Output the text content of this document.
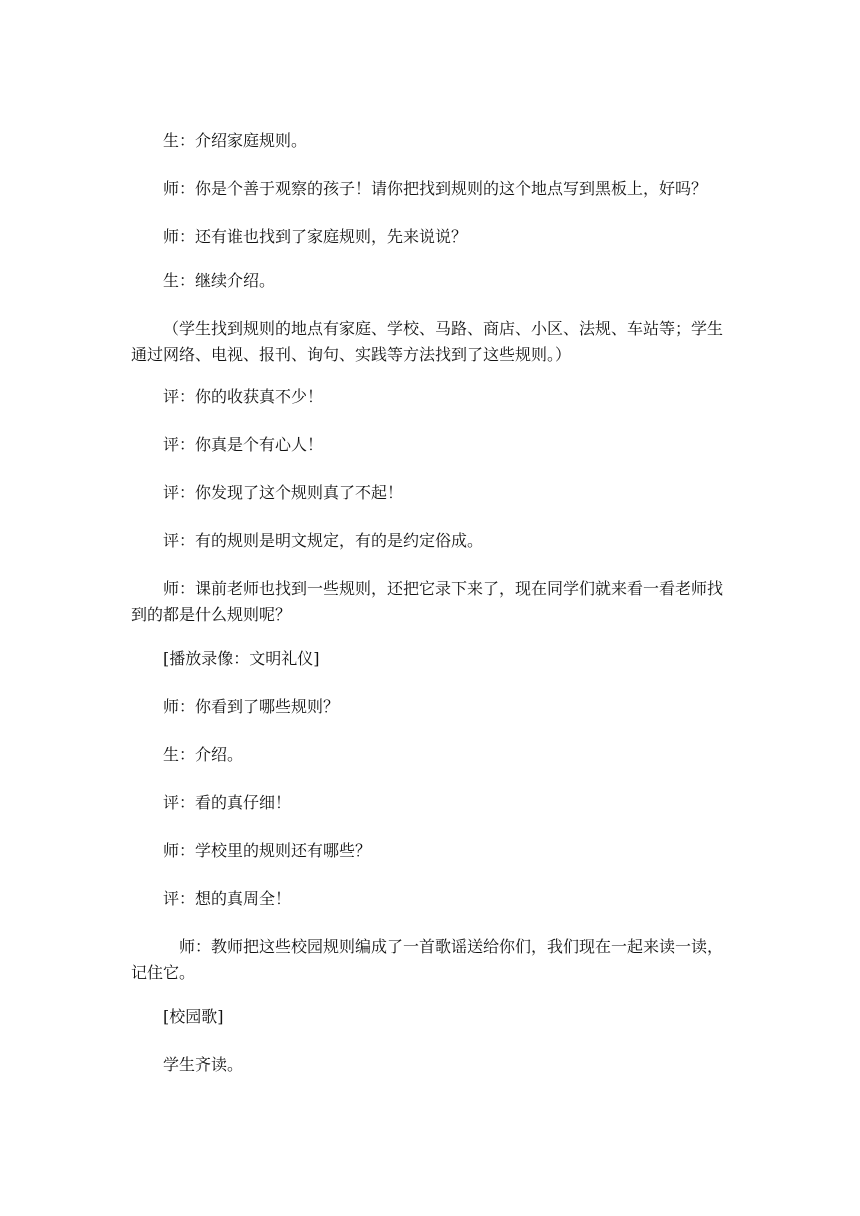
生：介绍家庭规则。

师：你是个善于观察的孩子！请你把找到规则的这个地点写到黑板上，好吗？

师：还有谁也找到了家庭规则，先来说说？

生：继续介绍。

（学生找到规则的地点有家庭、学校、马路、商店、小区、法规、车站等；学生通过网络、电视、报刊、询句、实践等方法找到了这些规则。）

评：你的收获真不少！

评：你真是个有心人！

评：你发现了这个规则真了不起！

评：有的规则是明文规定，有的是约定俗成。

师：课前老师也找到一些规则，还把它录下来了，现在同学们就来看一看老师找到的都是什么规则呢？

[播放录像：文明礼仪]

师：你看到了哪些规则？

生：介绍。

评：看的真仔细！

师：学校里的规则还有哪些？

评：想的真周全！

师：教师把这些校园规则编成了一首歌谣送给你们，我们现在一起来读一读，记住它。

[校园歌]

学生齐读。
